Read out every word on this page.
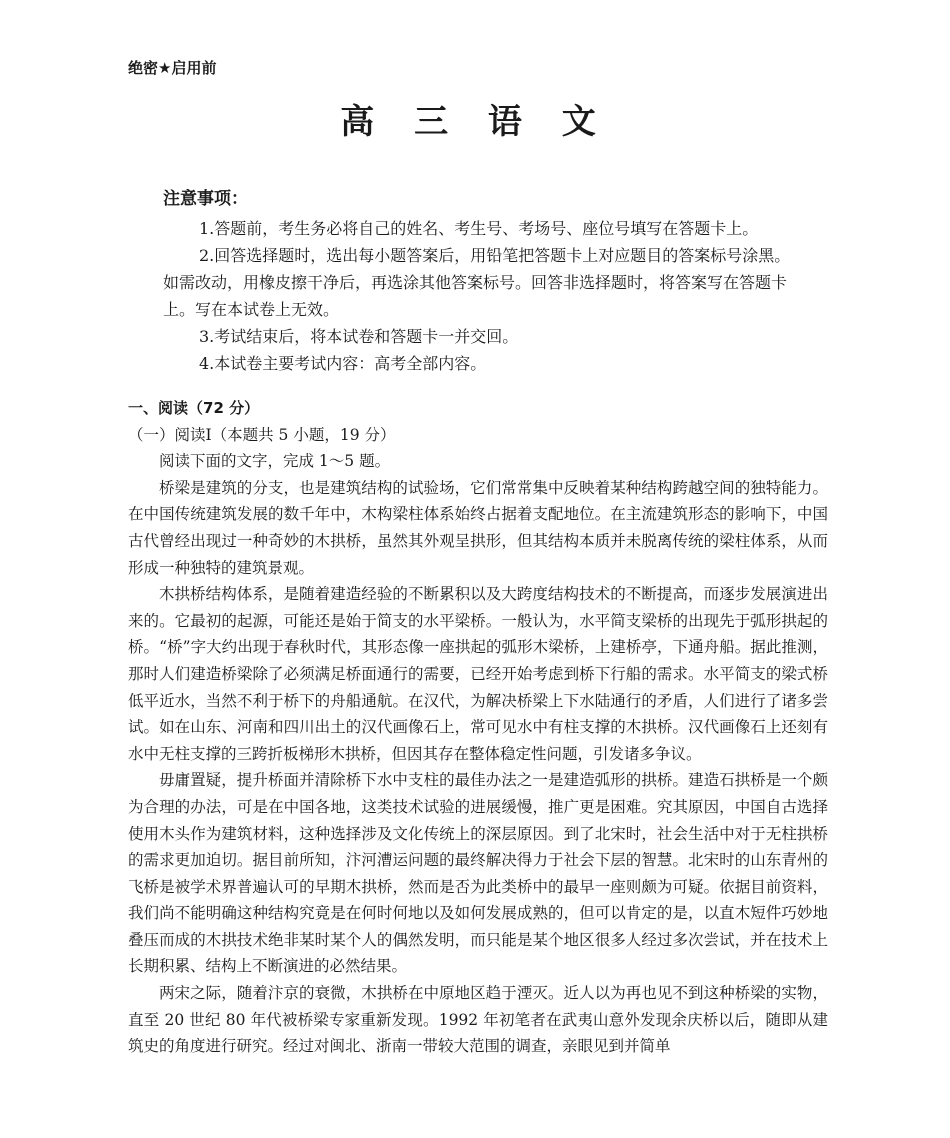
绝密★启用前
高 三 语 文
注意事项：

1.答题前，考生务必将自己的姓名、考生号、考场号、座位号填写在答题卡上。

2.回答选择题时，选出每小题答案后，用铅笔把答题卡上对应题目的答案标号涂黑。如需改动，用橡皮擦干净后，再选涂其他答案标号。回答非选择题时，将答案写在答题卡上。写在本试卷上无效。

3.考试结束后，将本试卷和答题卡一并交回。

4.本试卷主要考试内容：高考全部内容。

一、阅读（72 分）

（一）阅读Ⅰ（本题共 5 小题，19 分）

阅读下面的文字，完成 1～5 题。

桥梁是建筑的分支，也是建筑结构的试验场，它们常常集中反映着某种结构跨越空间的独特能力。在中国传统建筑发展的数千年中，木构梁柱体系始终占据着支配地位。在主流建筑形态的影响下，中国古代曾经出现过一种奇妙的木拱桥，虽然其外观呈拱形，但其结构本质并未脱离传统的梁柱体系，从而形成一种独特的建筑景观。

木拱桥结构体系，是随着建造经验的不断累积以及大跨度结构技术的不断提高，而逐步发展演进出来的。它最初的起源，可能还是始于简支的水平梁桥。一般认为，水平简支梁桥的出现先于弧形拱起的桥。“桥”字大约出现于春秋时代，其形态像一座拱起的弧形木梁桥，上建桥亭，下通舟船。据此推测，那时人们建造桥梁除了必须满足桥面通行的需要，已经开始考虑到桥下行船的需求。水平简支的梁式桥低平近水，当然不利于桥下的舟船通航。在汉代，为解决桥梁上下水陆通行的矛盾，人们进行了诸多尝试。如在山东、河南和四川出土的汉代画像石上，常可见水中有柱支撑的木拱桥。汉代画像石上还刻有水中无柱支撑的三跨折板梯形木拱桥，但因其存在整体稳定性问题，引发诸多争议。

毋庸置疑，提升桥面并清除桥下水中支柱的最佳办法之一是建造弧形的拱桥。建造石拱桥是一个颇为合理的办法，可是在中国各地，这类技术试验的进展缓慢，推广更是困难。究其原因，中国自古选择使用木头作为建筑材料，这种选择涉及文化传统上的深层原因。到了北宋时，社会生活中对于无柱拱桥的需求更加迫切。据目前所知，汴河漕运问题的最终解决得力于社会下层的智慧。北宋时的山东青州的飞桥是被学术界普遍认可的早期木拱桥，然而是否为此类桥中的最早一座则颇为可疑。依据目前资料，我们尚不能明确这种结构究竟是在何时何地以及如何发展成熟的，但可以肯定的是，以直木短件巧妙地叠压而成的木拱技术绝非某时某个人的偶然发明，而只能是某个地区很多人经过多次尝试，并在技术上长期积累、结构上不断演进的必然结果。

两宋之际，随着汴京的衰微，木拱桥在中原地区趋于湮灭。近人以为再也见不到这种桥梁的实物，直至 20 世纪 80 年代被桥梁专家重新发现。1992 年初笔者在武夷山意外发现余庆桥以后，随即从建筑史的角度进行研究。经过对闽北、浙南一带较大范围的调查，亲眼见到并简单
